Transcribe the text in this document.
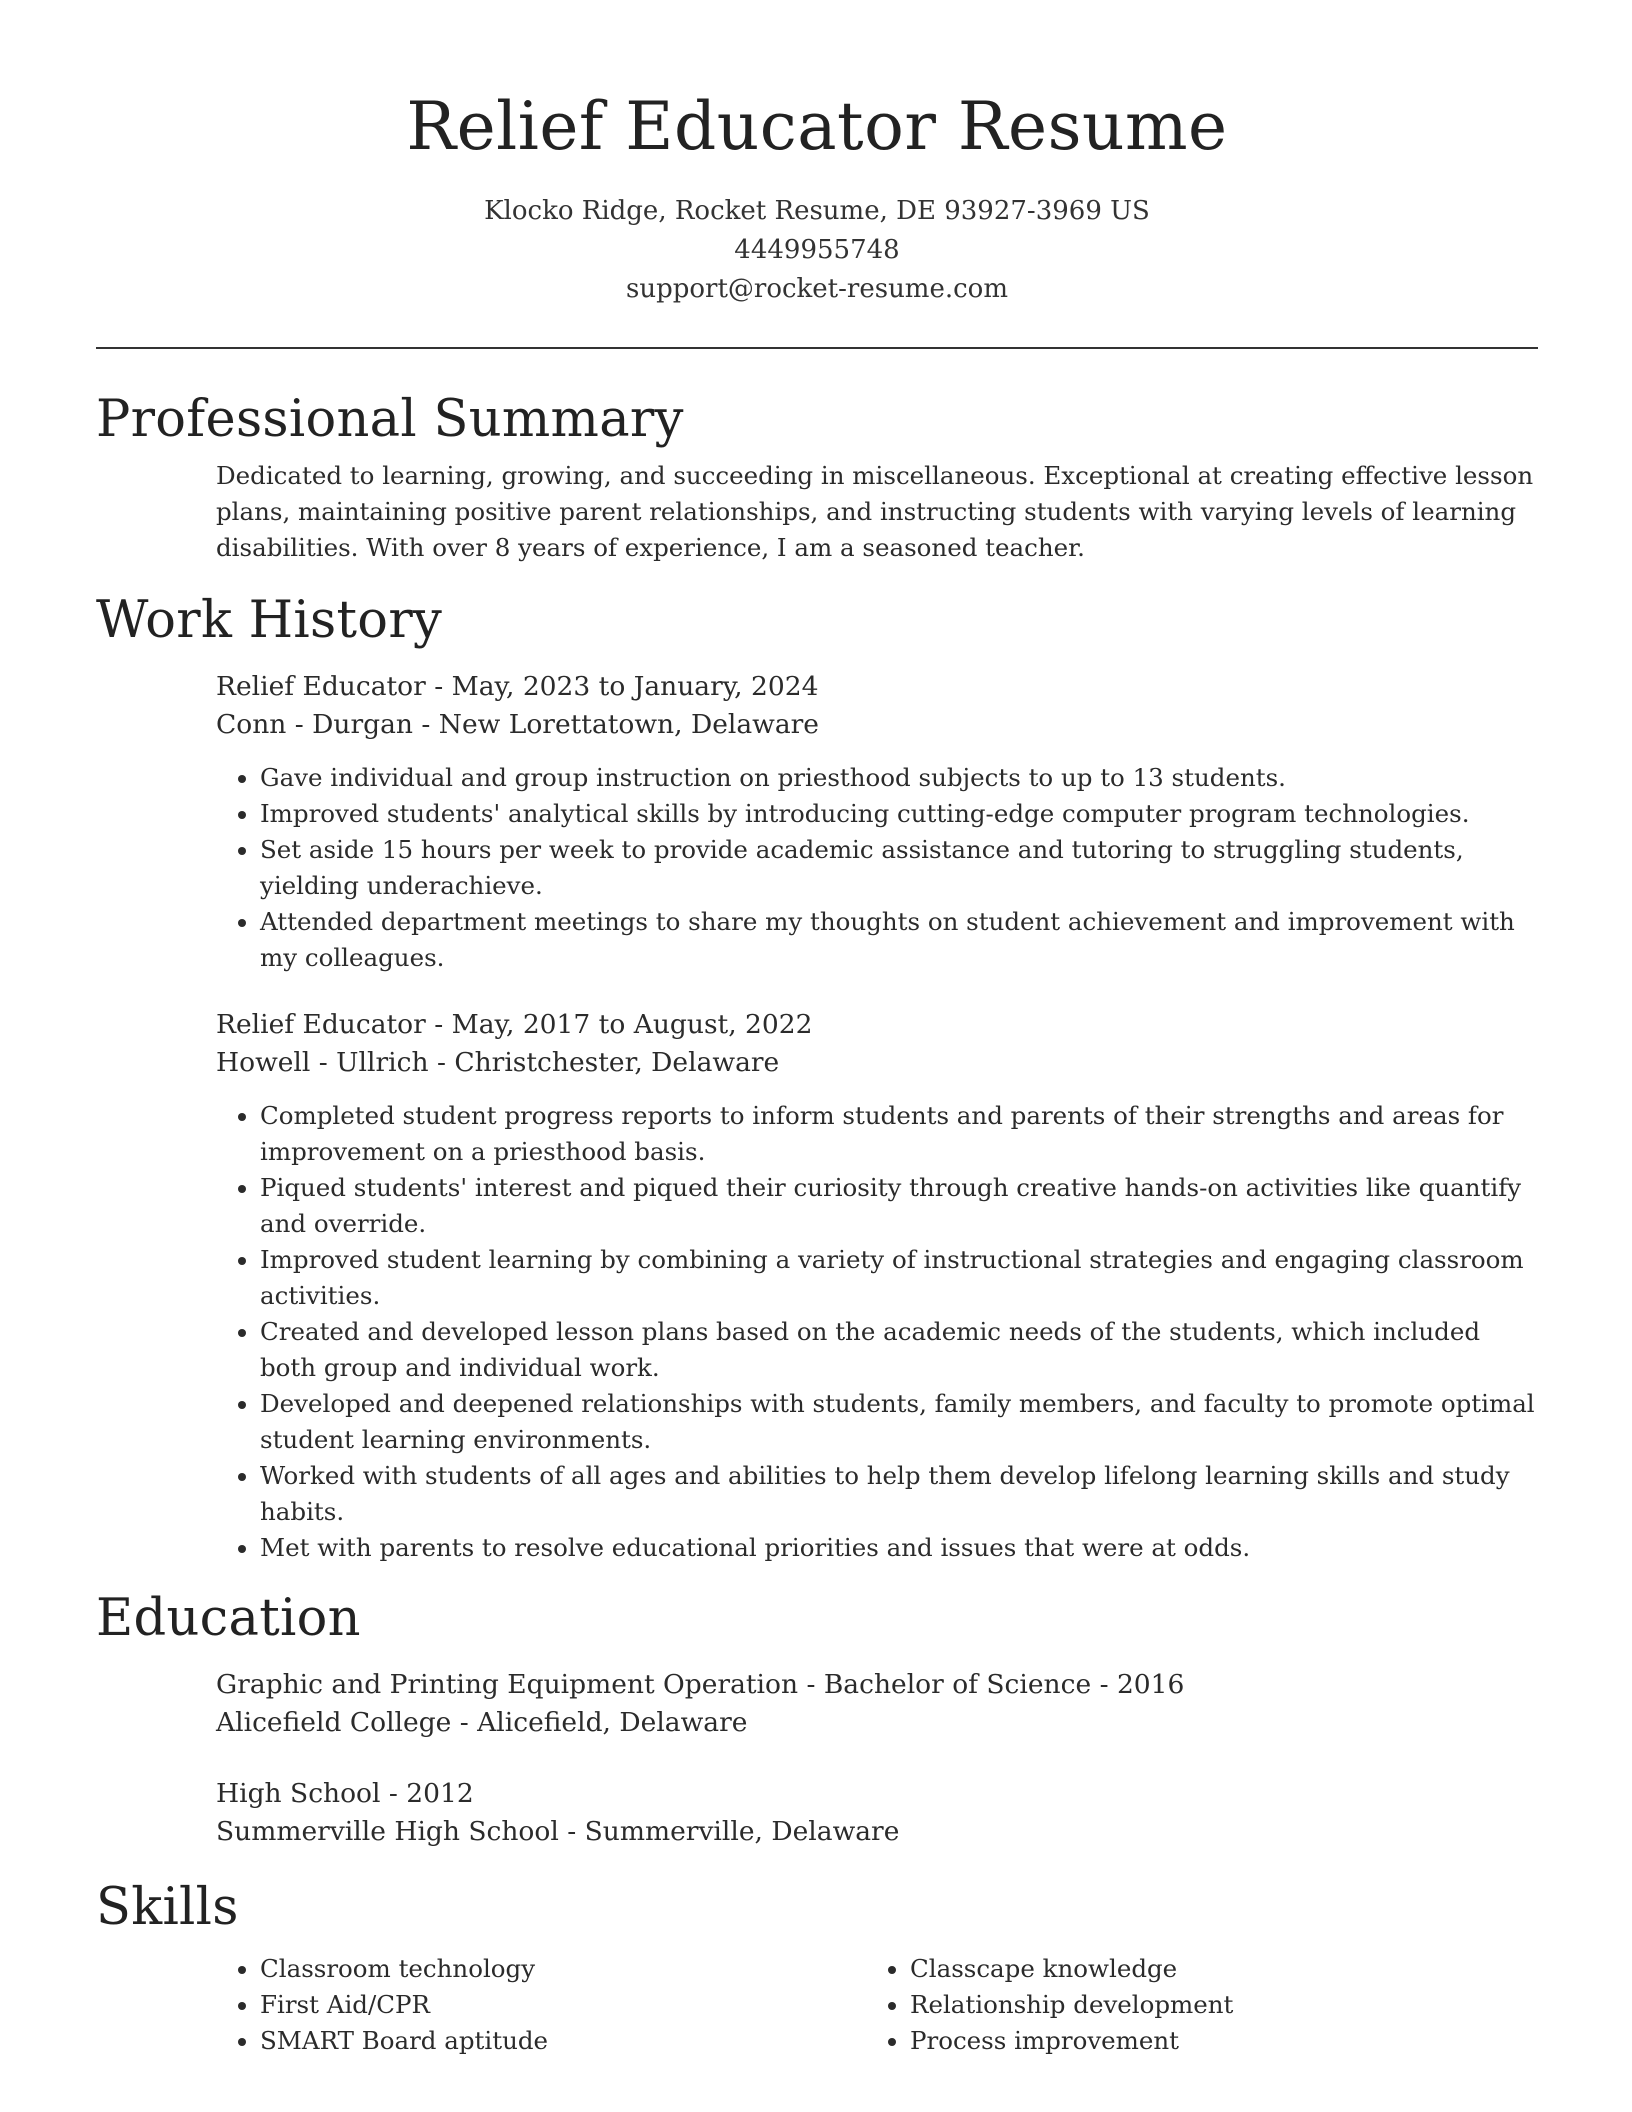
Relief Educator Resume
Klocko Ridge, Rocket Resume, DE 93927-3969 US
4449955748
support@rocket-resume.com
Professional Summary

Dedicated to learning, growing, and succeeding in miscellaneous. Exceptional at creating effective lesson plans, maintaining positive parent relationships, and instructing students with varying levels of learning disabilities. With over 8 years of experience, I am a seasoned teacher.

Work History
Relief Educator - May, 2023 to January, 2024
Conn - Durgan - New Lorettatown, Delaware
• Gave individual and group instruction on priesthood subjects to up to 13 students.
• Improved students' analytical skills by introducing cutting-edge computer program technologies.
• Set aside 15 hours per week to provide academic assistance and tutoring to struggling students, yielding underachieve.
• Attended department meetings to share my thoughts on student achievement and improvement with my colleagues.
Relief Educator - May, 2017 to August, 2022
Howell - Ullrich - Christchester, Delaware
• Completed student progress reports to inform students and parents of their strengths and areas for improvement on a priesthood basis.
• Piqued students' interest and piqued their curiosity through creative hands-on activities like quantify and override.
• Improved student learning by combining a variety of instructional strategies and engaging classroom activities.
• Created and developed lesson plans based on the academic needs of the students, which included both group and individual work.
• Developed and deepened relationships with students, family members, and faculty to promote optimal student learning environments.
• Worked with students of all ages and abilities to help them develop lifelong learning skills and study habits.
• Met with parents to resolve educational priorities and issues that were at odds.
Education
Graphic and Printing Equipment Operation - Bachelor of Science - 2016
Alicefield College - Alicefield, Delaware
High School - 2012
Summerville High School - Summerville, Delaware
Skills
• Classroom technology
• First Aid/CPR
• SMART Board aptitude
• Classcape knowledge
• Relationship development
• Process improvement
